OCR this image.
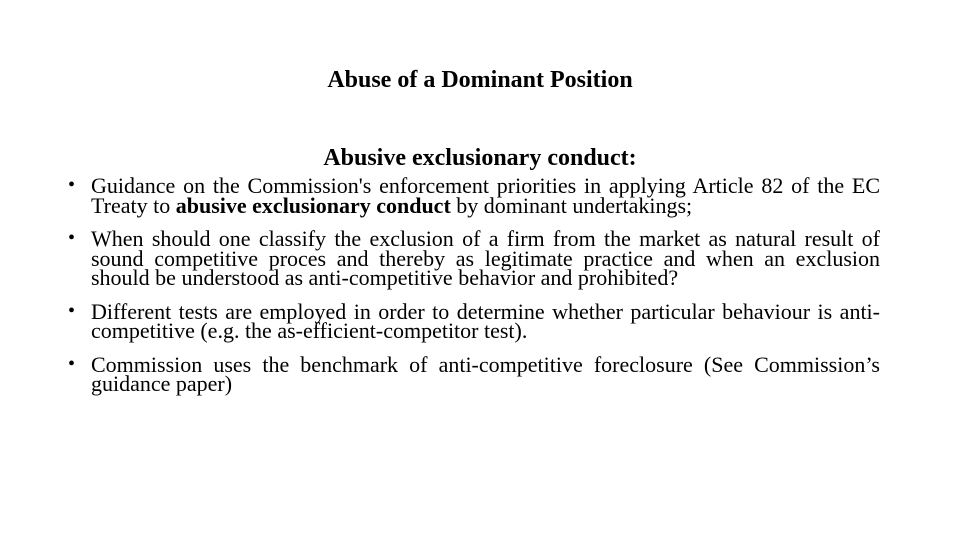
Abuse of a Dominant Position
Abusive exclusionary conduct:
• Guidance on the Commission's enforcement priorities in applying Article 82 of the EC Treaty to abusive exclusionary conduct by dominant undertakings;
• When should one classify the exclusion of a firm from the market as natural result of sound competitive proces and thereby as legitimate practice and when an exclusion should be understood as anti-competitive behavior and prohibited?
• Different tests are employed in order to determine whether particular behaviour is anti-competitive (e.g. the as-efficient-competitor test).
• Commission uses the benchmark of anti-competitive foreclosure (See Commission’s guidance paper)
